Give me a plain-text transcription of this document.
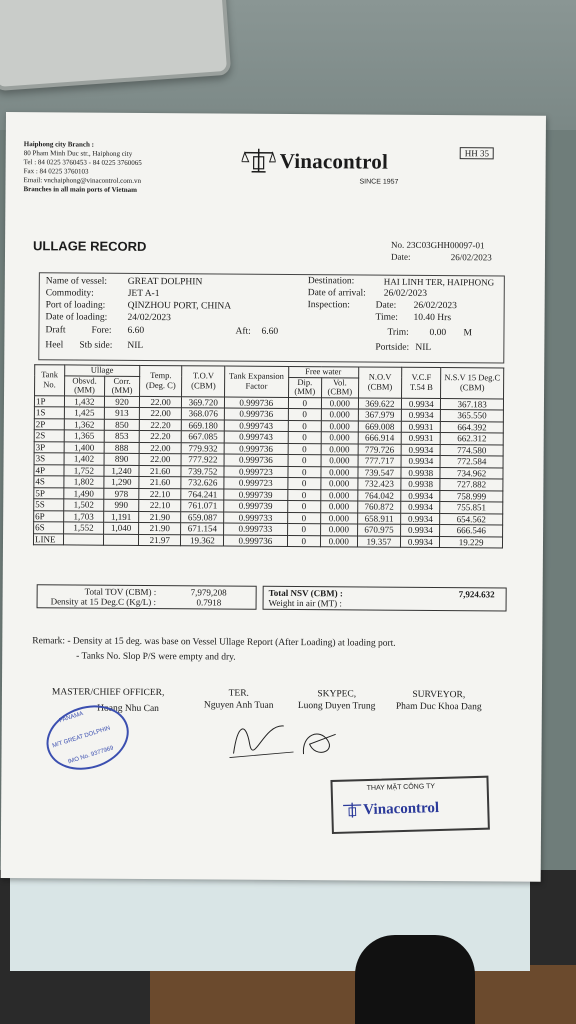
Haiphong city Branch :
80 Pham Minh Duc str., Haiphong city
Tel : 84 0225 3760453 - 84 0225 3760065
Fax : 84 0225 3760103
Email: vnchaiphong@vinacontrol.com.vn
Branches in all main ports of Vietnam
Vinacontrol
SINCE 1957
HH 35
ULLAGE RECORD	No. 23C03GHH00097-01
Date:	26/02/2023
Name of vessel: GREAT DOLPHIN
Commodity:	JET A-1
Port of loading: QINZHOU PORT, CHINA
Date of loading: 24/02/2023
Draft	Fore: 6.60	Aft: 6.60
Heel Stb side: NIL
Destination:	HAI LINH TER, HAIPHONG
Date of arrival: 26/02/2023
Inspection:	Date: 26/02/2023
Time: 10.40 Hrs
Trim: 0.00 M
Portside: NIL
Tank No.	Ullage		Temp. (Deg. C)	T.O.V (CBM)	Tank Expansion Factor	Free water		N.O.V (CBM)	V.C.F T.54 B	N.S.V 15 Deg.C (CBM)
	Obsvd. (MM)	Corr. (MM)				Dip. (MM)	Vol. (CBM)			
1P	1,432	920	22.00	369.720	0.999736	0	0.000	369.622	0.9934	367.183
1S	1,425	913	22.00	368.076	0.999736	0	0.000	367.979	0.9934	365.550
2P	1,362	850	22.20	669.180	0.999743	0	0.000	669.008	0.9931	664.392
2S	1,365	853	22.20	667.085	0.999743	0	0.000	666.914	0.9931	662.312
3P	1,400	888	22.00	779.932	0.999736	0	0.000	779.726	0.9934	774.580
3S	1,402	890	22.00	777.922	0.999736	0	0.000	777.717	0.9934	772.584
4P	1,752	1,240	21.60	739.752	0.999723	0	0.000	739.547	0.9938	734.962
4S	1,802	1,290	21.60	732.626	0.999723	0	0.000	732.423	0.9938	727.882
5P	1,490	978	22.10	764.241	0.999739	0	0.000	764.042	0.9934	758.999
5S	1,502	990	22.10	761.071	0.999739	0	0.000	760.872	0.9934	755.851
6P	1,703	1,191	21.90	659.087	0.999733	0	0.000	658.911	0.9934	654.562
6S	1,552	1,040	21.90	671.154	0.999733	0	0.000	670.975	0.9934	666.546
LINE			21.97	19.362	0.999736	0	0.000	19.357	0.9934	19.229
Total TOV (CBM) :	7,979,208
Density at 15 Deg.C (Kg/L) :	0.7918
Total NSV (CBM) :	7,924.632
Weight in air (MT) :
Remark: - Density at 15 deg. was base on Vessel Ullage Report (After Loading) at loading port.
- Tanks No. Slop P/S were empty and dry.
MASTER/CHIEF OFFICER,
Hoang Nhu Can
TER.
Nguyen Anh Tuan
SKYPEC,
Luong Duyen Trung
SURVEYOR,
Pham Duc Khoa Dang
PANAMA
M/T GREAT DOLPHIN
IMO No. 9377969
THAY MẶT CÔNG TY
Vinacontrol
